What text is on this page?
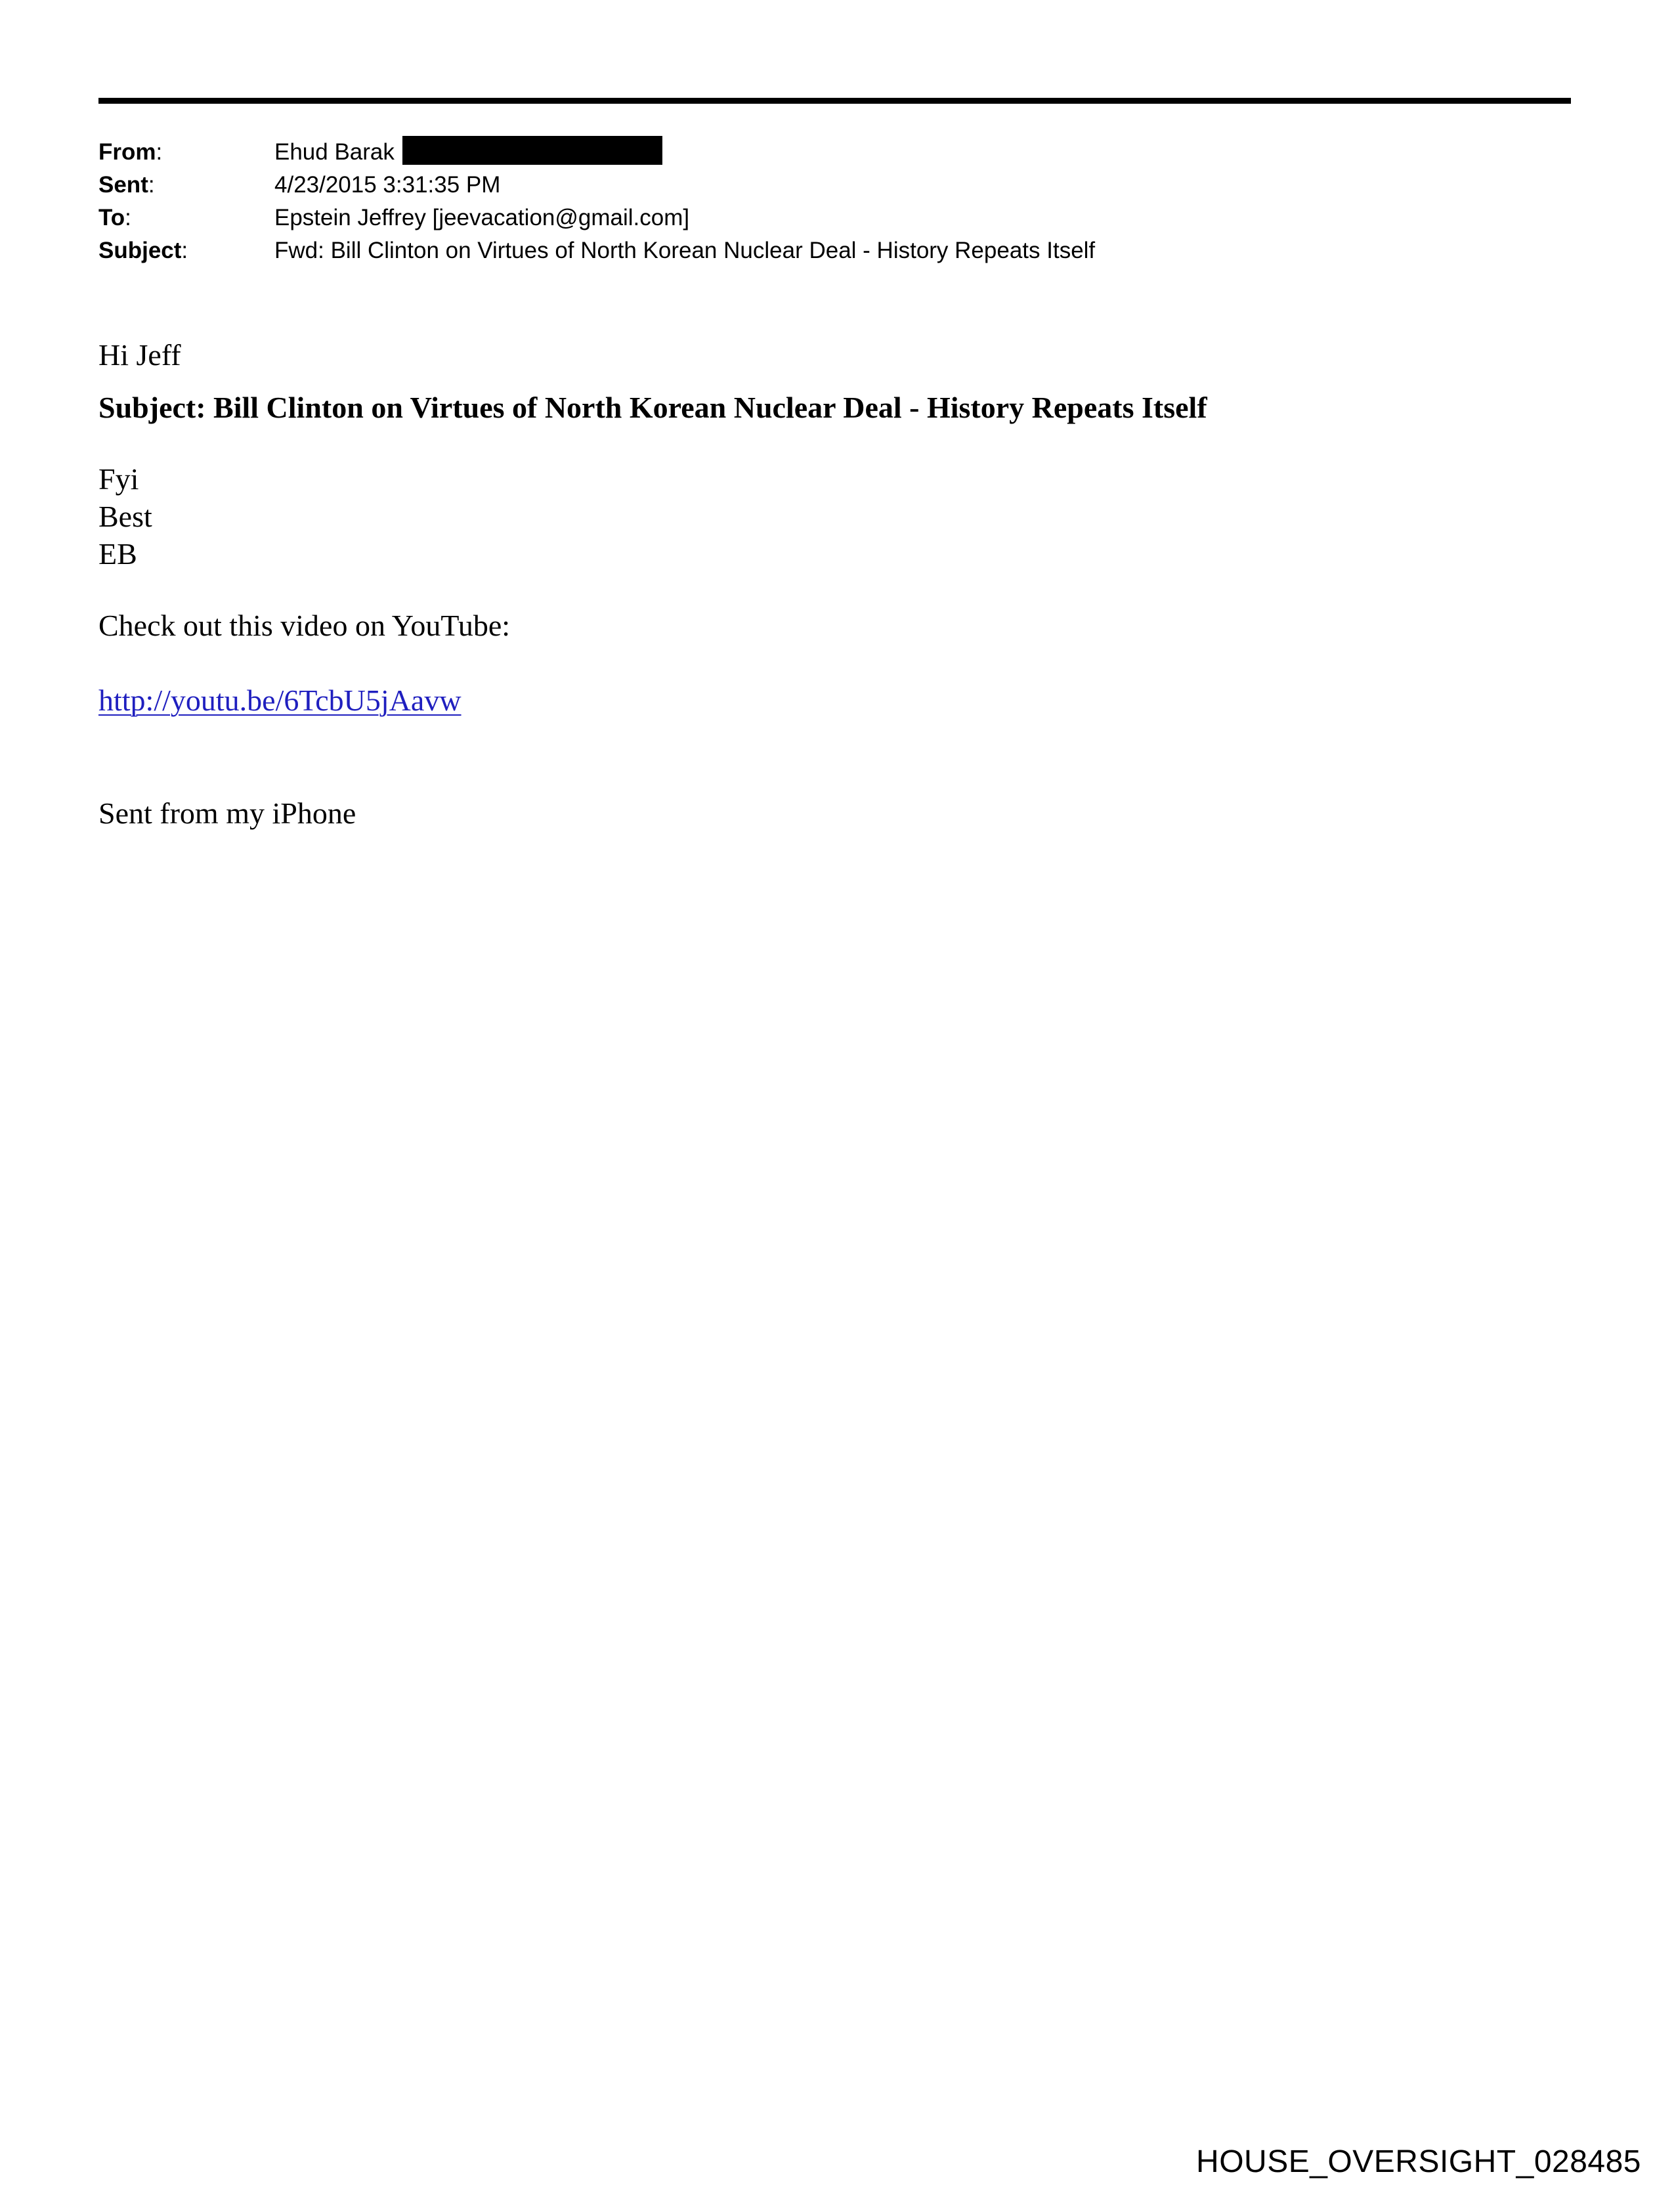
From:	Ehud Barak
Sent:	4/23/2015 3:31:35 PM
To:	Epstein Jeffrey [jeevacation@gmail.com]
Subject:	Fwd: Bill Clinton on Virtues of North Korean Nuclear Deal - History Repeats Itself
Hi Jeff
Subject: Bill Clinton on Virtues of North Korean Nuclear Deal - History Repeats Itself
Fyi
Best
EB
Check out this video on YouTube:
http://youtu.be/6TcbU5jAavw
Sent from my iPhone
HOUSE_OVERSIGHT_028485
